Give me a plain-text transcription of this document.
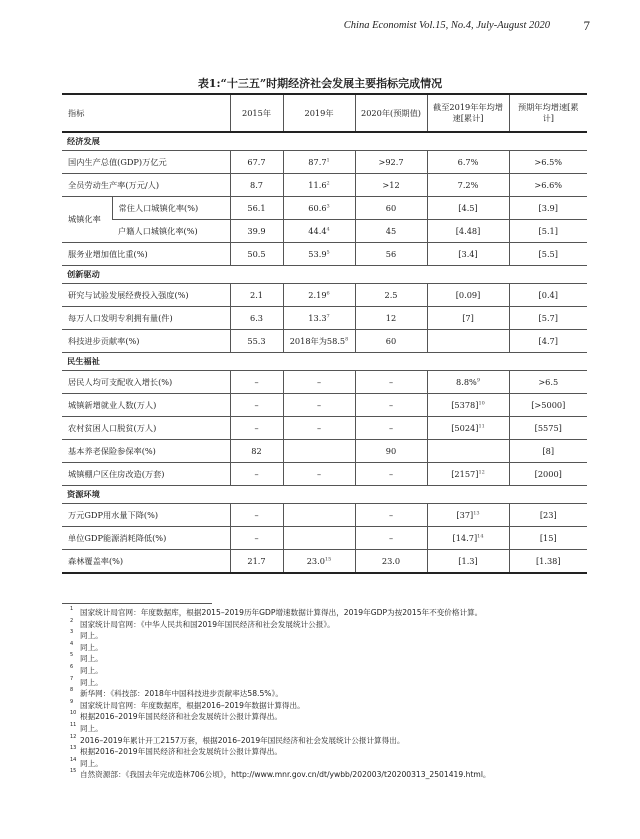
China Economist Vol.15, No.4, July-August 2020	7
表1:“十三五”时期经济社会发展主要指标完成情况
指标		2015年	2019年	2020年(预期值)	截至2019年年均增速[累计]	预期年均增速[累计]
经济发展						
国内生产总值(GDP)万亿元		67.7	$87.7^1$	>92.7	6.7%	>6.5%
全员劳动生产率(万元/人)		8.7	$11.6^2$	>12	7.2%	>6.6%
城镇化率	常住人口城镇化率(%)	56.1	60.6$^3$	60	[4.5]	[3.9]
	户籍人口城镇化率(%)	39.9	44.4$^4$	45	[4.48]	[5.1]
服务业增加值比重(%)		50.5	53.9$^5$	56	[3.4]	[5.5]
创新驱动						
研究与试验发展经费投入强度(%)		2.1	2.19$^6$	2.5	[0.09]	[0.4]
每万人口发明专利拥有量(件)		6.3	13.3$^7$	12	[7]	[5.7]
科技进步贡献率(%)		55.3	2018年为58.5$^8$	60		[4.7]
民生福祉						
居民人均可支配收入增长(%)		–	–	–	8.8%$^9$	>6.5
城镇新增就业人数(万人)		–	–	–	$[5378]^{10}$	[>5000]
农村贫困人口脱贫(万人)		–	–	–	$[5024]^{11}$	[5575]
基本养老保险参保率(%)		82		90		[8]
城镇棚户区住房改造(万套)		–	–	–	$[2157]^{12}$	[2000]
资源环境						
万元GDP用水量下降(%)		–		–	$[37]^{13}$	[23]
单位GDP能源消耗降低(%)		–		–	$[14.7]^{14}$	[15]
森林覆盖率(%)		21.7	23.0$^{15}$	23.0	[1.3]	[1.38]
1 国家统计局官网：年度数据库，根据2015–2019历年GDP增速数据计算得出，2019年GDP为按2015年不变价格计算。
2 国家统计局官网：《中华人民共和国2019年国民经济和社会发展统计公报》。
3 同上。
4 同上。
5 同上。
6 同上。
7 同上。
8 新华网：《科技部：2018年中国科技进步贡献率达58.5%》。
9 国家统计局官网：年度数据库，根据2016–2019年数据计算得出。
10 根据2016–2019年国民经济和社会发展统计公报计算得出。
11 同上。
12 2016–2019年累计开工2157万套，根据2016–2019年国民经济和社会发展统计公报计算得出。
13 根据2016–2019年国民经济和社会发展统计公报计算得出。
14 同上。
15 自然资源部：《我国去年完成造林706公顷》，http://www.mnr.gov.cn/dt/ywbb/202003/t20200313_2501419.html。
